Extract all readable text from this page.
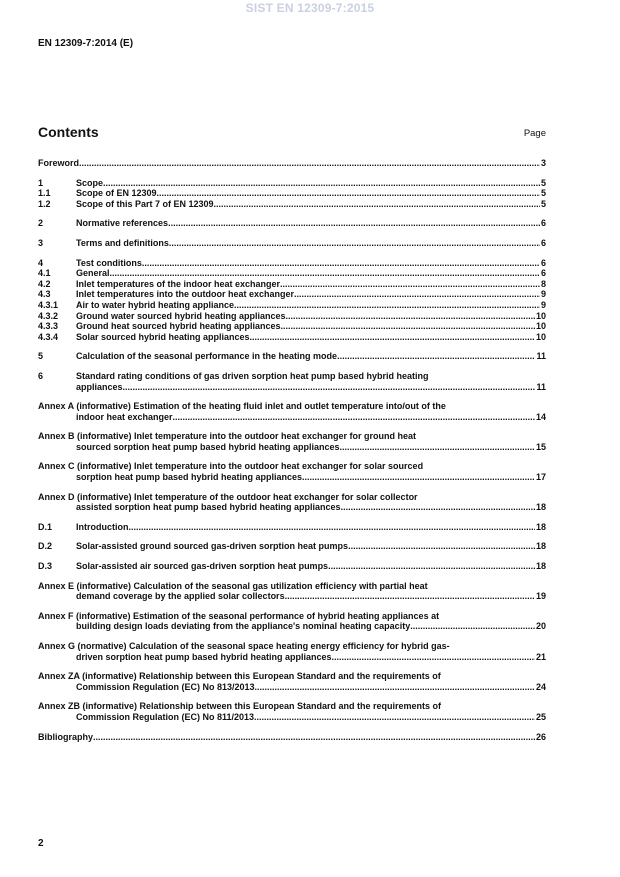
SIST EN 12309-7:2015
EN 12309-7:2014 (E)
Contents	Page
Foreword .....	3
1	Scope .....	5
1.1	Scope of EN 12309 .....	5
1.2	Scope of this Part 7 of EN 12309 .....	5
2	Normative references .....	6
3	Terms and definitions .....	6
4	Test conditions .....	6
4.1	General .....	6
4.2	Inlet temperatures of the indoor heat exchanger .....	8
4.3	Inlet temperatures into the outdoor heat exchanger .....	9
4.3.1	Air to water hybrid heating appliance .....	9
4.3.2	Ground water sourced hybrid heating appliances .....	10
4.3.3	Ground heat sourced hybrid heating appliances .....	10
4.3.4	Solar sourced hybrid heating appliances .....	10
5	Calculation of the seasonal performance in the heating mode .....	11
6	Standard rating conditions of gas driven sorption heat pump based hybrid heating
appliances .....	11
Annex A (informative) Estimation of the heating fluid inlet and outlet temperature into/out of the
indoor heat exchanger .....	14
Annex B (informative) Inlet temperature into the outdoor heat exchanger for ground heat
sourced sorption heat pump based hybrid heating appliances .....	15
Annex C (informative) Inlet temperature into the outdoor heat exchanger for solar sourced
sorption heat pump based hybrid heating appliances .....	17
Annex D (informative) Inlet temperature of the outdoor heat exchanger for solar collector
assisted sorption heat pump based hybrid heating appliances .....	18
D.1	Introduction .....	18
D.2	Solar-assisted ground sourced gas-driven sorption heat pumps .....	18
D.3	Solar-assisted air sourced gas-driven sorption heat pumps .....	18
Annex E (informative) Calculation of the seasonal gas utilization efficiency with partial heat
demand coverage by the applied solar collectors .....	19
Annex F (informative) Estimation of the seasonal performance of hybrid heating appliances at
building design loads deviating from the appliance's nominal heating capacity .....	20
Annex G (normative) Calculation of the seasonal space heating energy efficiency for hybrid gas-
driven sorption heat pump based hybrid heating appliances .....	21
Annex ZA (informative) Relationship between this European Standard and the requirements of
Commission Regulation (EC) No 813/2013 .....	24
Annex ZB (informative) Relationship between this European Standard and the requirements of
Commission Regulation (EC) No 811/2013 .....	25
Bibliography .....	26
2
